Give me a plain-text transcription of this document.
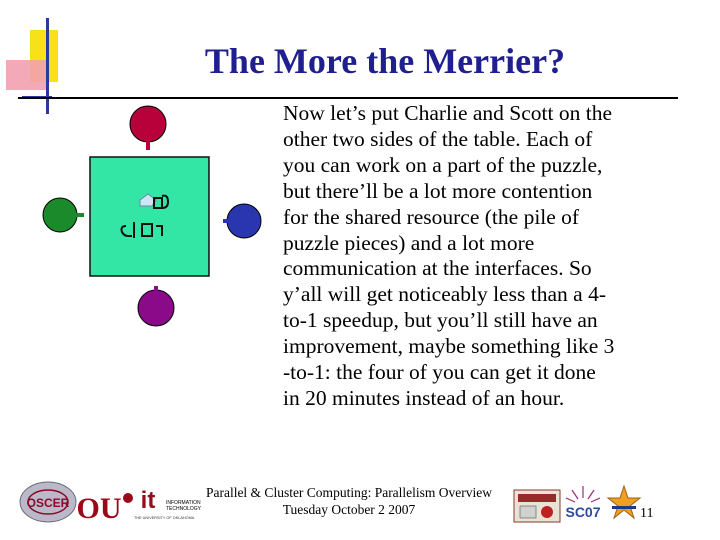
The More the Merrier?
Now let’s put Charlie and Scott on the
other two sides of the table. Each of
you can work on a part of the puzzle,
but there’ll be a lot more contention
for the shared resource (the pile of
puzzle pieces) and a lot more
communication at the interfaces. So
y’all will get noticeably less than a 4-
to-1 speedup, but you’ll still have an
improvement, maybe something like 3
-to-1: the four of you can get it done
in 20 minutes instead of an hour.
OSCER OU it INFORMATION
TECHNOLOGY
THE UNIVERSITY OF OKLAHOMA
Parallel & Cluster Computing: Parallelism Overview
Tuesday October 2 2007	SC07	11
